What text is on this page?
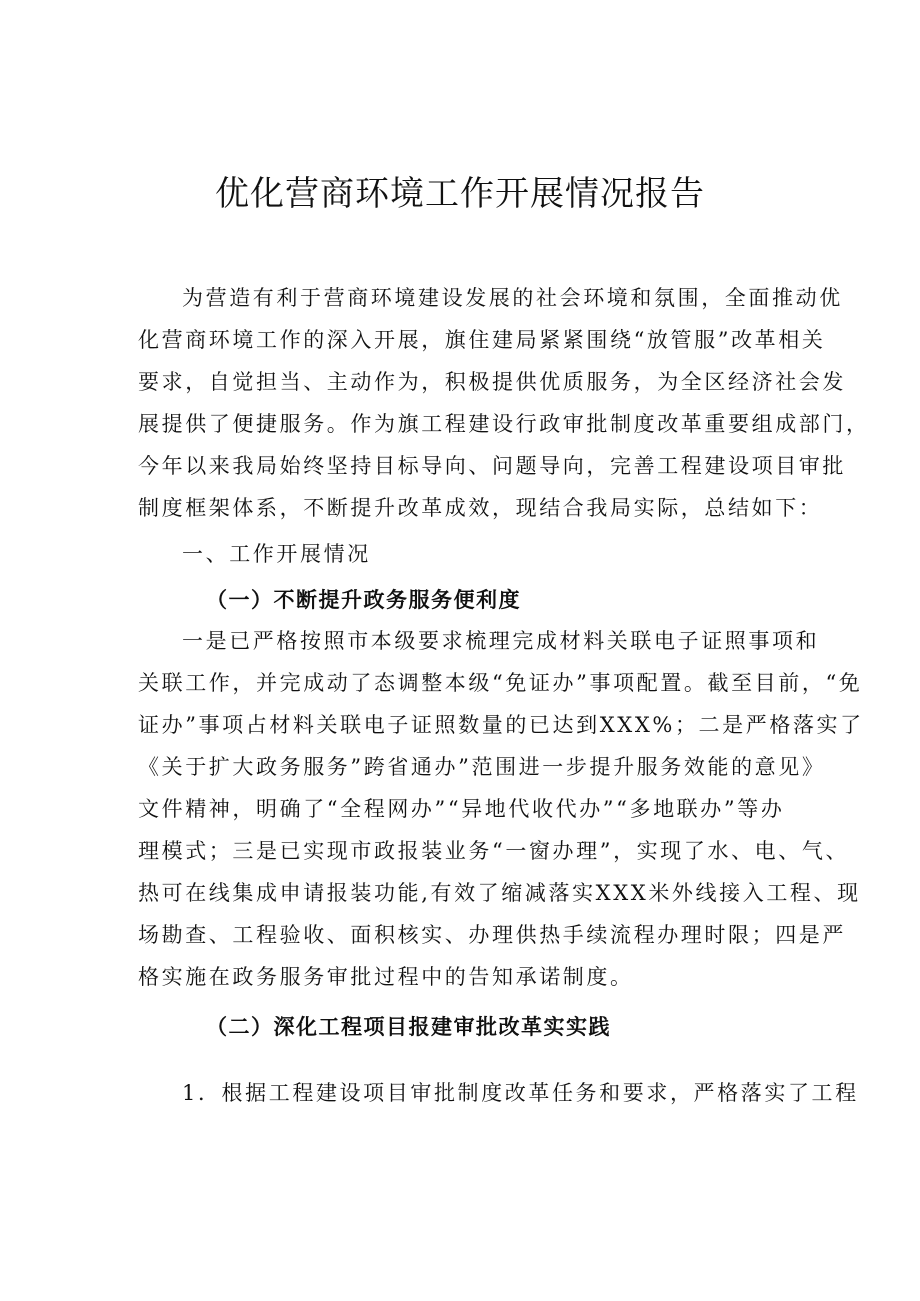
优化营商环境工作开展情况报告
为营造有利于营商环境建设发展的社会环境和氛围，全面推动优
化营商环境工作的深入开展，旗住建局紧紧围绕“放管服”改革相关
要求，自觉担当、主动作为，积极提供优质服务，为全区经济社会发
展提供了便捷服务。作为旗工程建设行政审批制度改革重要组成部门，
今年以来我局始终坚持目标导向、问题导向，完善工程建设项目审批
制度框架体系，不断提升改革成效，现结合我局实际，总结如下：
一、工作开展情况
（一）不断提升政务服务便利度
一是已严格按照市本级要求梳理完成材料关联电子证照事项和
关联工作，并完成动了态调整本级“免证办”事项配置。截至目前，“免
证办”事项占材料关联电子证照数量的已达到XXX%；二是严格落实了
《关于扩大政务服务”跨省通办”范围进一步提升服务效能的意见》
文件精神，明确了“全程网办”“异地代收代办”“多地联办”等办
理模式；三是已实现市政报装业务“一窗办理”，实现了水、电、气、
热可在线集成申请报装功能,有效了缩减落实XXX米外线接入工程、现
场勘查、工程验收、面积核实、办理供热手续流程办理时限；四是严
格实施在政务服务审批过程中的告知承诺制度。
（二）深化工程项目报建审批改革实实践
1．根据工程建设项目审批制度改革任务和要求，严格落实了工程
